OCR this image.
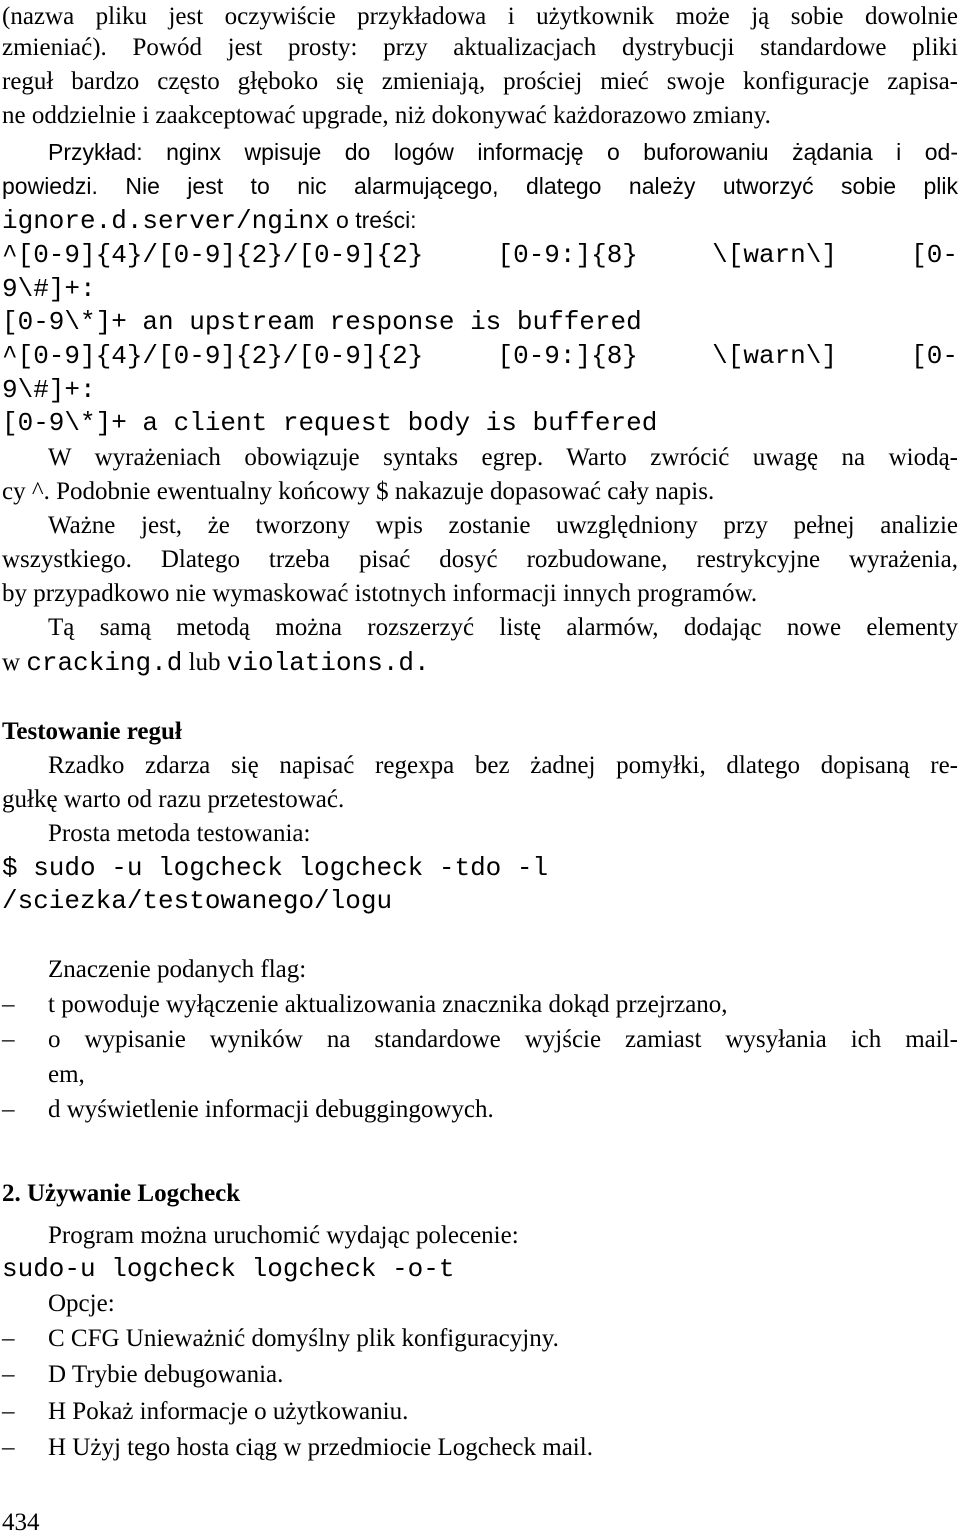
(nazwa pliku jest oczywiście przykładowa i użytkownik może ją sobie dowolnie
zmieniać). Powód jest prosty: przy aktualizacjach dystrybucji standardowe pliki
reguł bardzo często głęboko się zmieniają, prościej mieć swoje konfiguracje zapisa-
ne oddzielnie i zaakceptować upgrade, niż dokonywać każdorazowo zmiany.
Przykład: nginx wpisuje do logów informację o buforowaniu żądania i od-
powiedzi. Nie jest to nic alarmującego, dlatego należy utworzyć sobie plik
ignore.d.server/nginx o treści:
^[0-9]{4}/[0-9]{2}/[0-9]{2} [0-9:]{8} \[warn\] [0-
9\#]+:
[0-9\*]+ an upstream response is buffered
^[0-9]{4}/[0-9]{2}/[0-9]{2} [0-9:]{8} \[warn\] [0-
9\#]+:
[0-9\*]+ a client request body is buffered
W wyrażeniach obowiązuje syntaks egrep. Warto zwrócić uwagę na wiodą-
cy ^. Podobnie ewentualny końcowy $ nakazuje dopasować cały napis.
Ważne jest, że tworzony wpis zostanie uwzględniony przy pełnej analizie
wszystkiego. Dlatego trzeba pisać dosyć rozbudowane, restrykcyjne wyrażenia,
by przypadkowo nie wymaskować istotnych informacji innych programów.
Tą samą metodą można rozszerzyć listę alarmów, dodając nowe elementy
w cracking.d lub violations.d.
Testowanie reguł
Rzadko zdarza się napisać regexpa bez żadnej pomyłki, dlatego dopisaną re-
gułkę warto od razu przetestować.
Prosta metoda testowania:
$ sudo -u logcheck logcheck -tdo -l
/sciezka/testowanego/logu
Znaczenie podanych flag:
–	t powoduje wyłączenie aktualizowania znacznika dokąd przejrzano,
–	o wypisanie wyników na standardowe wyjście zamiast wysyłania ich mail-
em,
–	d wyświetlenie informacji debuggingowych.
2. Używanie Logcheck
Program można uruchomić wydając polecenie:
sudo-u logcheck logcheck -o-t
Opcje:
–	C CFG Unieważnić domyślny plik konfiguracyjny.
–	D Trybie debugowania.
–	H Pokaż informacje o użytkowaniu.
–	H Użyj tego hosta ciąg w przedmiocie Logcheck mail.
434
